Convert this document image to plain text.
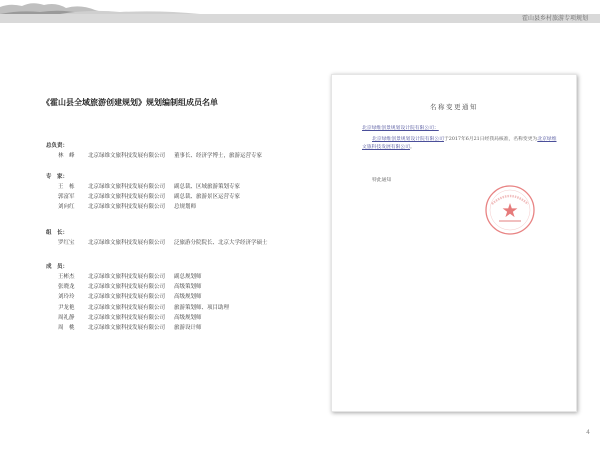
霍山县乡村旅游专项规划
《霍山县全域旅游创建规划》规划编制组成员名单
总负责：
林　峰	北京绿维文旅科技发展有限公司 董事长、经济学博士，旅游运营专家
专　家：
王　栋	北京绿维文旅科技发展有限公司 副总裁、区域旅游策划专家
郭富军	北京绿维文旅科技发展有限公司 副总裁、旅游景区运营专家
刘向红	北京绿维文旅科技发展有限公司 总规划师
组　长：
罗红宝	北京绿维文旅科技发展有限公司 泛旅游分院院长、北京大学经济学硕士
成　员：
王彬杰	北京绿维文旅科技发展有限公司 副总规划师
张晓龙	北京绿维文旅科技发展有限公司 高级策划师
刘玲玲	北京绿维文旅科技发展有限公司 高级规划师
尹龙艳	北京绿维文旅科技发展有限公司 旅游策划师、项目助理
周礼静	北京绿维文旅科技发展有限公司 高级规划师
周　桃	北京绿维文旅科技发展有限公司 旅游设计师
名称变更通知
北京绿维创景规划设计院有限公司：
北京绿维创景规划设计院有限公司于2017年6月21日经我局核准，名称变更为北京绿维文旅科技发展有限公司。
特此通知
4
